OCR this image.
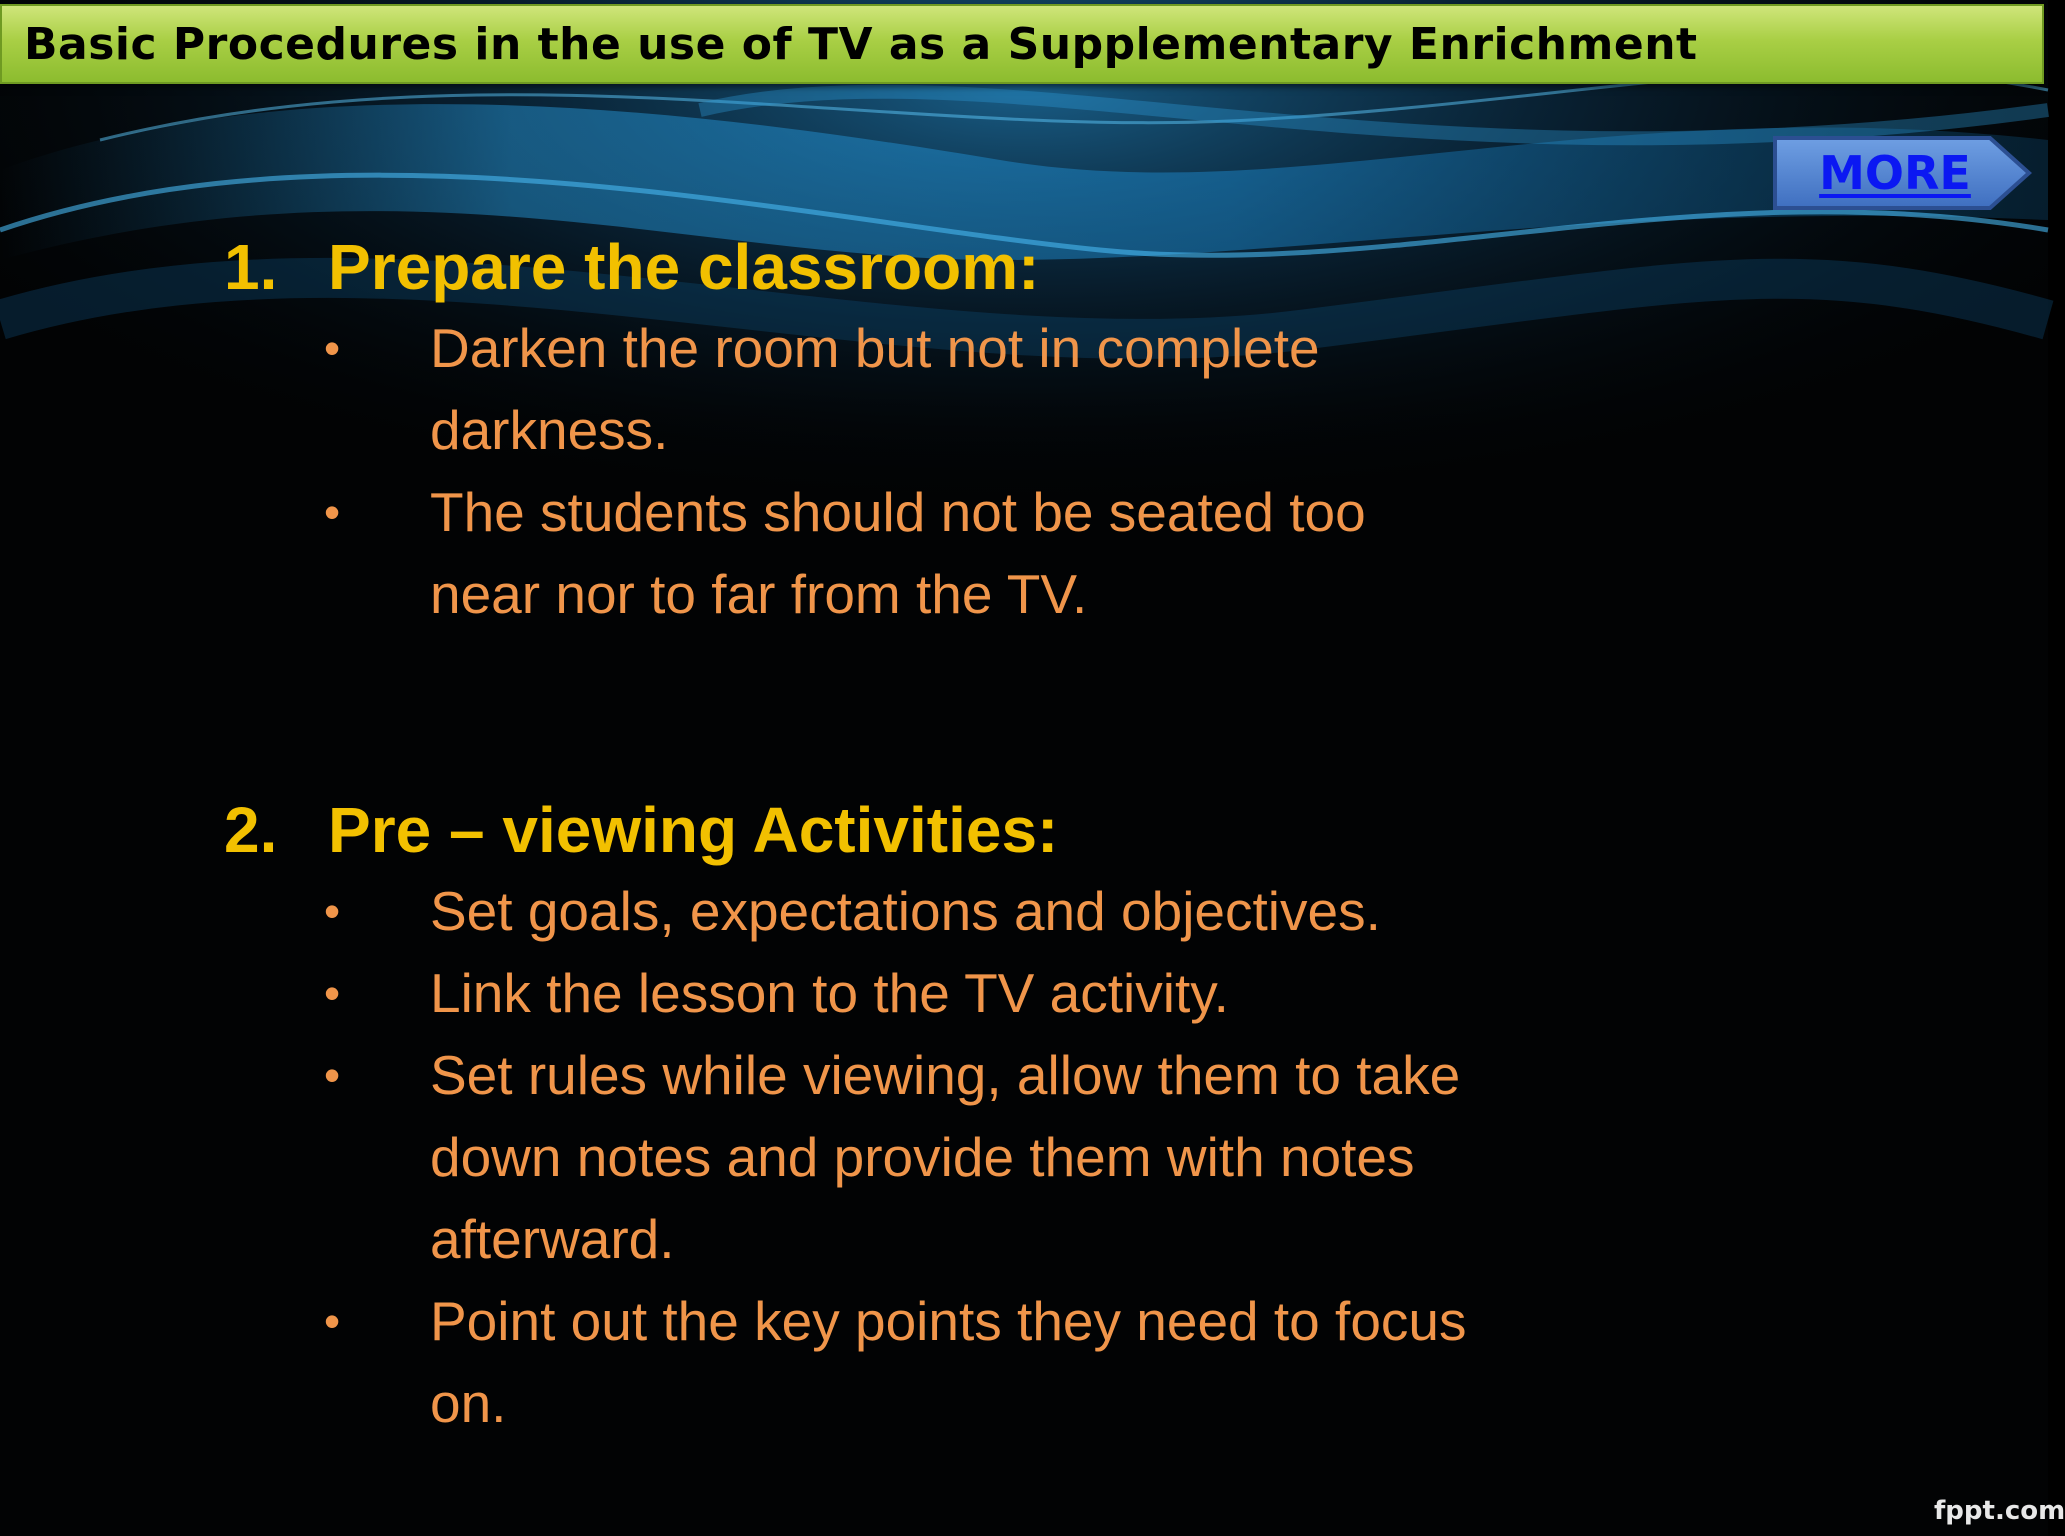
Basic Procedures in the use of TV as a Supplementary Enrichment
MORE
1. Prepare the classroom:
• Darken the room but not in complete darkness.
• The students should not be seated too near nor to far from the TV.
2. Pre – viewing Activities:
• Set goals, expectations and objectives.
• Link the lesson to the TV activity.
• Set rules while viewing, allow them to take down notes and provide them with notes afterward.
• Point out the key points they need to focus on.
fppt.com
